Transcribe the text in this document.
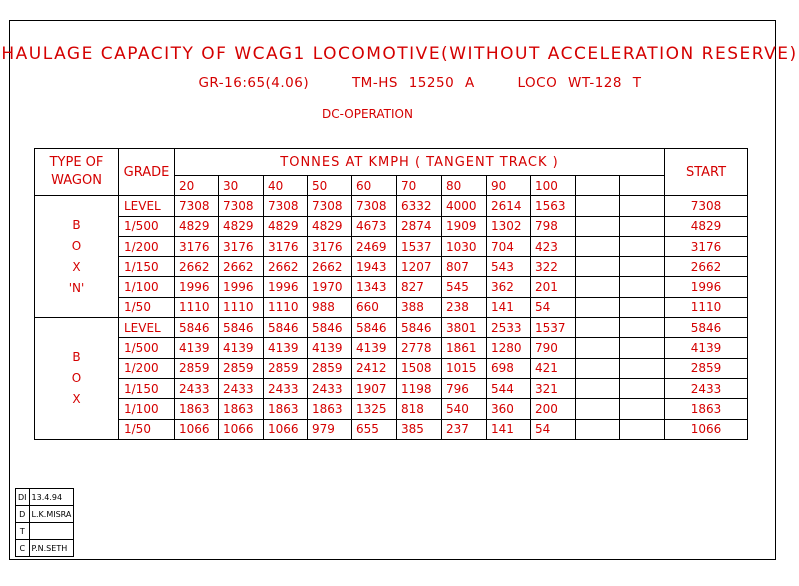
HAULAGE CAPACITY OF WCAG1 LOCOMOTIVE(WITHOUT ACCELERATION RESERVE)
GR-16:65(4.06)	TM-HS 15250 A	LOCO WT-128 T
DC-OPERATION
TYPE OF
WAGON	GRADE	TONNES AT KMPH ( TANGENT TRACK )											START
		20	30	40	50	60	70	80	90	100			

B
O
X
'N'	LEVEL	7308	7308	7308	7308	7308	6332	4000	2614	1563			7308
	1/500	4829	4829	4829	4829	4673	2874	1909	1302	798			4829
	1/200	3176	3176	3176	3176	2469	1537	1030	704	423			3176
	1/150	2662	2662	2662	2662	1943	1207	807	543	322			2662
	1/100	1996	1996	1996	1970	1343	827	545	362	201			1996
	1/50	1110	1110	1110	988	660	388	238	141	54			1110

B
O
X	LEVEL	5846	5846	5846	5846	5846	5846	3801	2533	1537			5846
	1/500	4139	4139	4139	4139	4139	2778	1861	1280	790			4139
	1/200	2859	2859	2859	2859	2412	1508	1015	698	421			2859
	1/150	2433	2433	2433	2433	1907	1198	796	544	321			2433
	1/100	1863	1863	1863	1863	1325	818	540	360	200			1863
	1/50	1066	1066	1066	979	655	385	237	141	54			1066
DI	13.4.94
D	L.K.MISRA
T	
C	P.N.SETH
